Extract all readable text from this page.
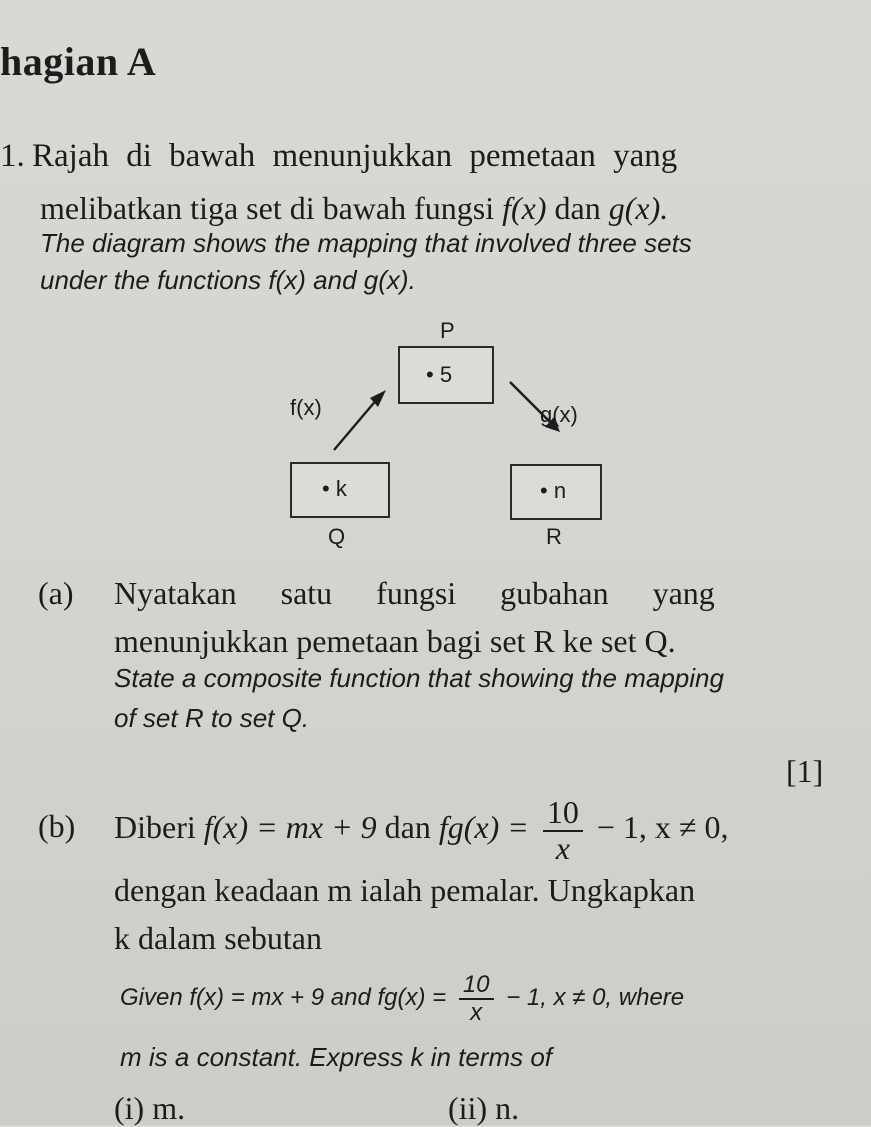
hagian A
1. Rajah di bawah menunjukkan pemetaan yang
melibatkan tiga set di bawah fungsi f(x) dan g(x).
The diagram shows the mapping that involved three sets
under the functions f(x) and g(x).
P
• 5
f(x)	g(x)
• k
Q
• n
R
(a) Nyatakan satu fungsi gubahan yang
menunjukkan pemetaan bagi set R ke set Q.
State a composite function that showing the mapping
of set R to set Q.
[1]
(b) Diberi f(x) = mx + 9 dan $fg(x) = \frac{10}{x} - 1$, x ≠ 0,
dengan keadaan m ialah pemalar. Ungkapkan
k dalam sebutan
Given f(x) = mx + 9 and $fg(x) = \frac{10}{x} - 1$, x ≠ 0, where
m is a constant. Express k in terms of
(i) m.	(ii) n.
